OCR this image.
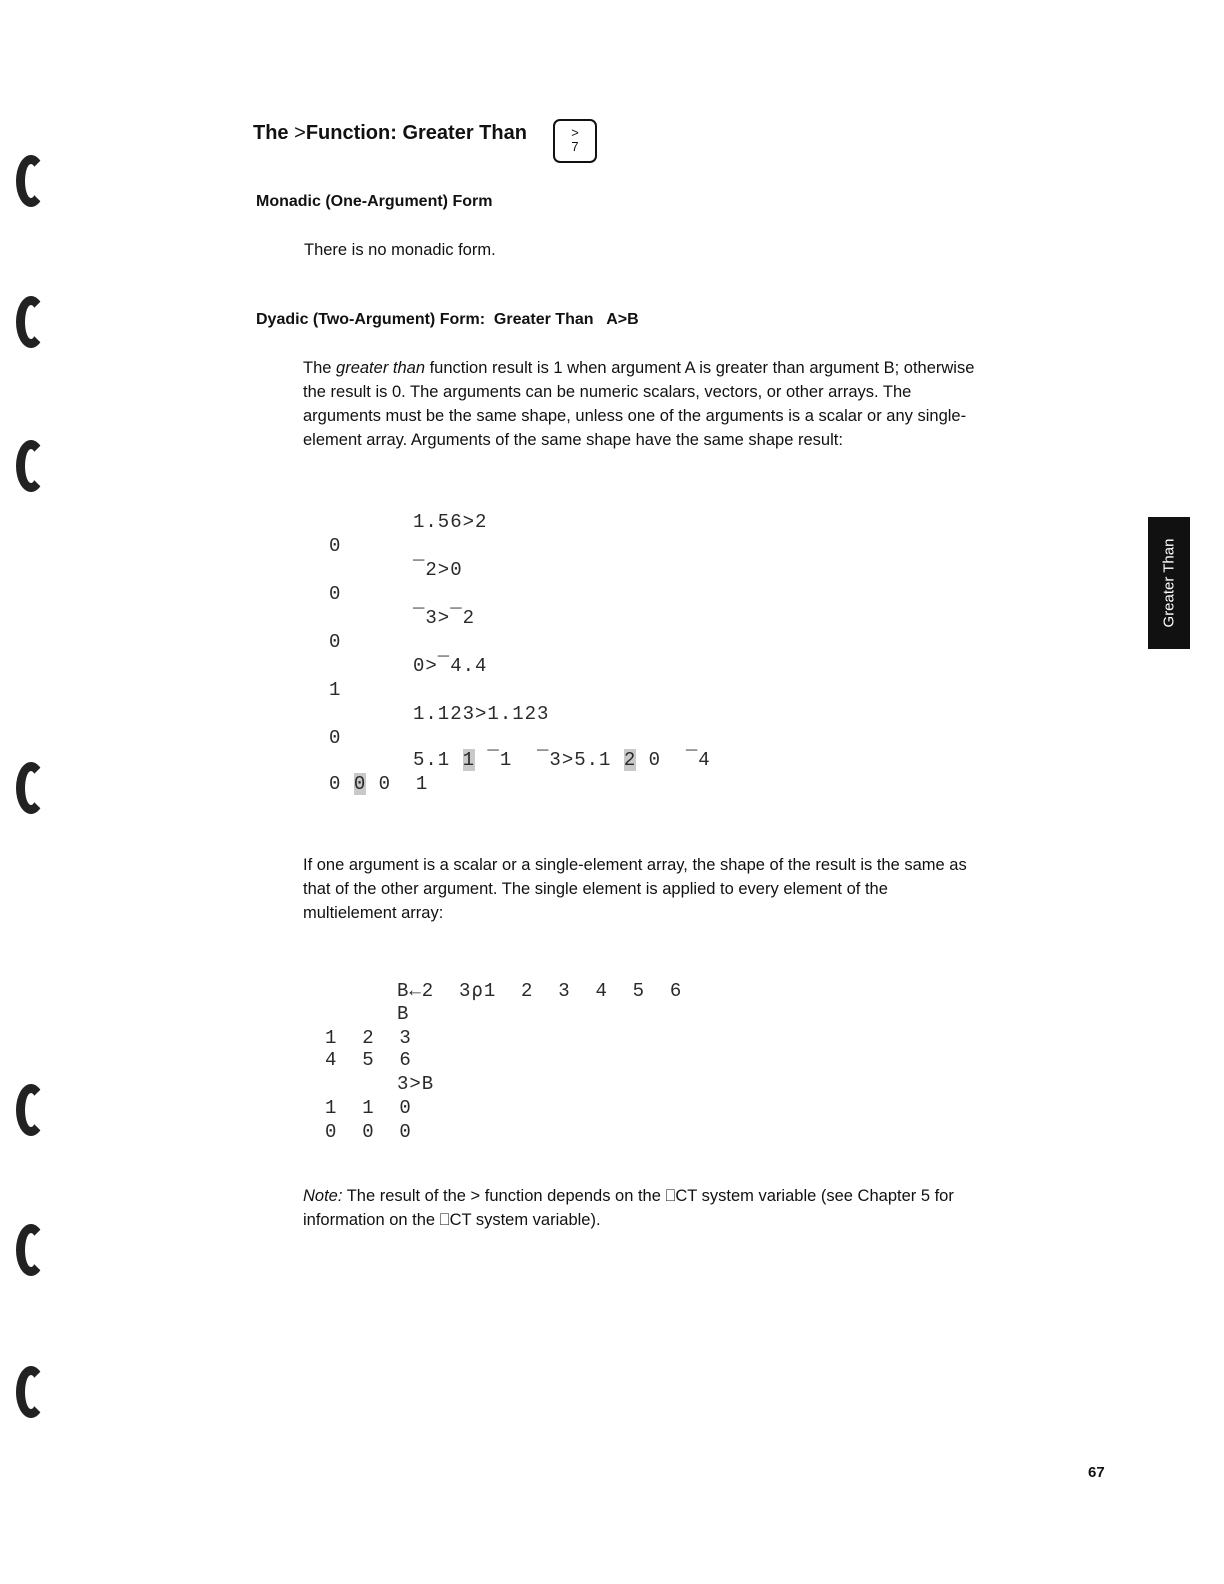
The >Function: Greater Than	>
7
Monadic (One-Argument) Form
There is no monadic form.
Dyadic (Two-Argument) Form:  Greater Than   A>B
The greater than function result is 1 when argument A is greater than argument B; otherwise the result is 0. The arguments can be numeric scalars, vectors, or other arrays. The arguments must be the same shape, unless one of the arguments is a scalar or any single-element array. Arguments of the same shape have the same shape result:
1.56>2
0
¯2>0
0
¯3>¯2
0
0>¯4.4
1
1.123>1.123
0
5.1 1 ¯1  ¯3>5.1 2 0  ¯4
0 0 0  1
If one argument is a scalar or a single-element array, the shape of the result is the same as that of the other argument. The single element is applied to every element of the multielement array:
B←2  3⍴1  2  3  4  5  6
B
1  2  3
4  5  6
3>B
1  1  0
0  0  0
Note: The result of the > function depends on the ⎕CT system variable (see Chapter 5 for information on the ⎕CT system variable).
Greater Than
67
